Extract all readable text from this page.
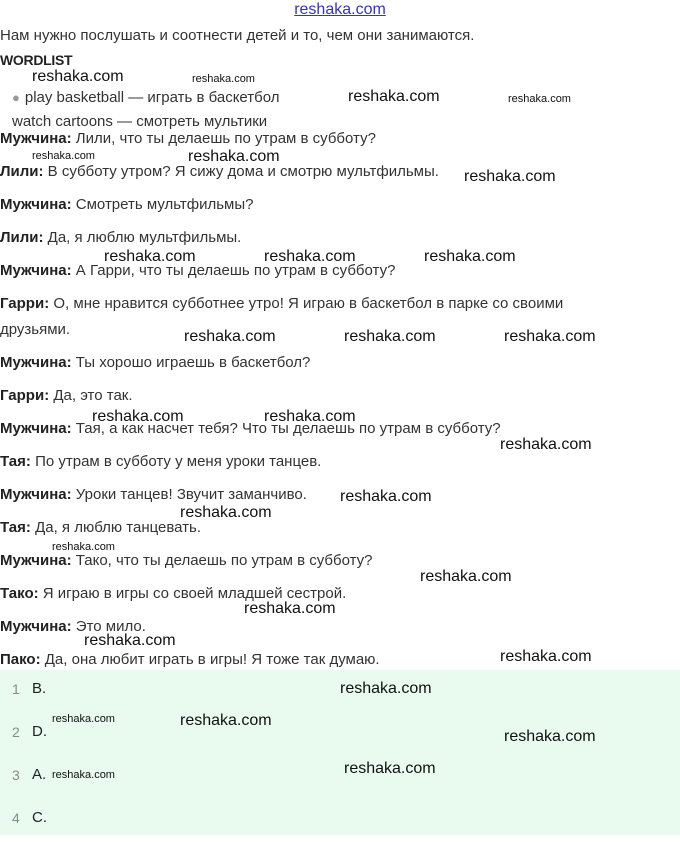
reshaka.com
Нам нужно послушать и соотнести детей и то, чем они занимаются.
WORDLIST
● play basketball — играть в баскетбол
watch cartoons — смотреть мультики
Мужчина: Лили, что ты делаешь по утрам в субботу?
Лили: В субботу утром? Я сижу дома и смотрю мультфильмы.
Мужчина: Смотреть мультфильмы?
Лили: Да, я люблю мультфильмы.
Мужчина: А Гарри, что ты делаешь по утрам в субботу?
Гарри: О, мне нравится субботнее утро! Я играю в баскетбол в парке со своими
друзьями.
Мужчина: Ты хорошо играешь в баскетбол?
Гарри: Да, это так.
Мужчина: Тая, а как насчет тебя? Что ты делаешь по утрам в субботу?
Тая: По утрам в субботу у меня уроки танцев.
Мужчина: Уроки танцев! Звучит заманчиво.
Тая: Да, я люблю танцевать.
Мужчина: Тако, что ты делаешь по утрам в субботу?
Тако: Я играю в игры со своей младшей сестрой.
Мужчина: Это мило.
Пако: Да, она любит играть в игры! Я тоже так думаю.
1 B.
2 D.
3 A.
4 C.
reshaka.com	reshaka.com
reshaka.com	reshaka.com
reshaka.com	reshaka.com
reshaka.com
reshaka.com	reshaka.com	reshaka.com
reshaka.com	reshaka.com	reshaka.com
reshaka.com	reshaka.com
reshaka.com
reshaka.com
reshaka.com
reshaka.com
reshaka.com
reshaka.com
reshaka.com
reshaka.com
reshaka.com
reshaka.com	reshaka.com
reshaka.com
reshaka.com
reshaka.com
